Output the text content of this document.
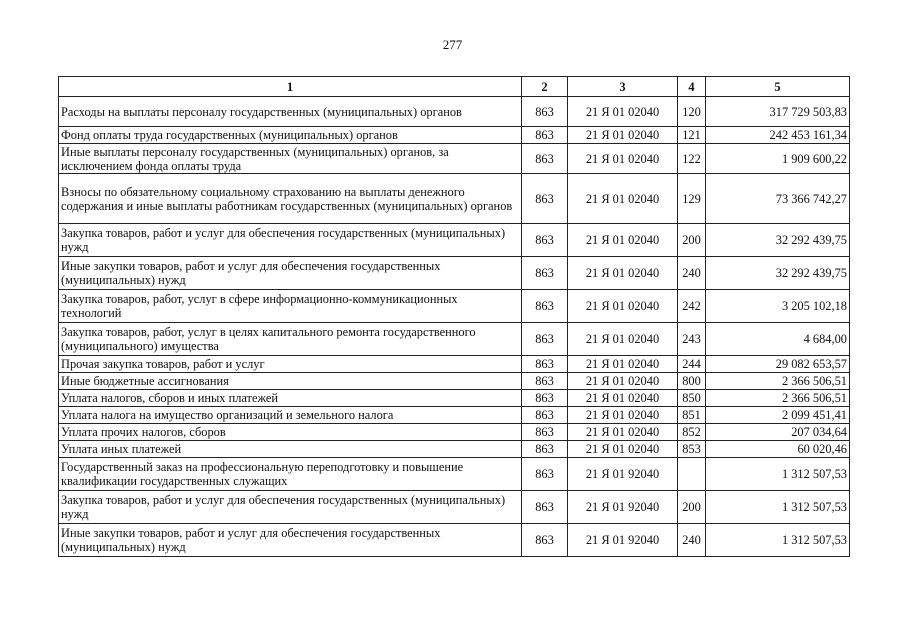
277
1	2	3	4	5
Расходы на выплаты персоналу государственных (муниципальных) органов	863	21 Я 01 02040	120	317 729 503,83
Фонд оплаты труда государственных (муниципальных) органов	863	21 Я 01 02040	121	242 453 161,34
Иные выплаты персоналу государственных (муниципальных) органов, за исключением фонда оплаты труда	863	21 Я 01 02040	122	1 909 600,22
Взносы по обязательному социальному страхованию на выплаты денежного содержания и иные выплаты работникам государственных (муниципальных) органов	863	21 Я 01 02040	129	73 366 742,27
Закупка товаров, работ и услуг для обеспечения государственных (муниципальных) нужд	863	21 Я 01 02040	200	32 292 439,75
Иные закупки товаров, работ и услуг для обеспечения государственных (муниципальных) нужд	863	21 Я 01 02040	240	32 292 439,75
Закупка товаров, работ, услуг в сфере информационно-коммуникационных технологий	863	21 Я 01 02040	242	3 205 102,18
Закупка товаров, работ, услуг в целях капитального ремонта государственного (муниципального) имущества	863	21 Я 01 02040	243	4 684,00
Прочая закупка товаров, работ и услуг	863	21 Я 01 02040	244	29 082 653,57
Иные бюджетные ассигнования	863	21 Я 01 02040	800	2 366 506,51
Уплата налогов, сборов и иных платежей	863	21 Я 01 02040	850	2 366 506,51
Уплата налога на имущество организаций и земельного налога	863	21 Я 01 02040	851	2 099 451,41
Уплата прочих налогов, сборов	863	21 Я 01 02040	852	207 034,64
Уплата иных платежей	863	21 Я 01 02040	853	60 020,46
Государственный заказ на профессиональную переподготовку и повышение квалификации государственных служащих	863	21 Я 01 92040		1 312 507,53
Закупка товаров, работ и услуг для обеспечения государственных (муниципальных) нужд	863	21 Я 01 92040	200	1 312 507,53
Иные закупки товаров, работ и услуг для обеспечения государственных (муниципальных) нужд	863	21 Я 01 92040	240	1 312 507,53
